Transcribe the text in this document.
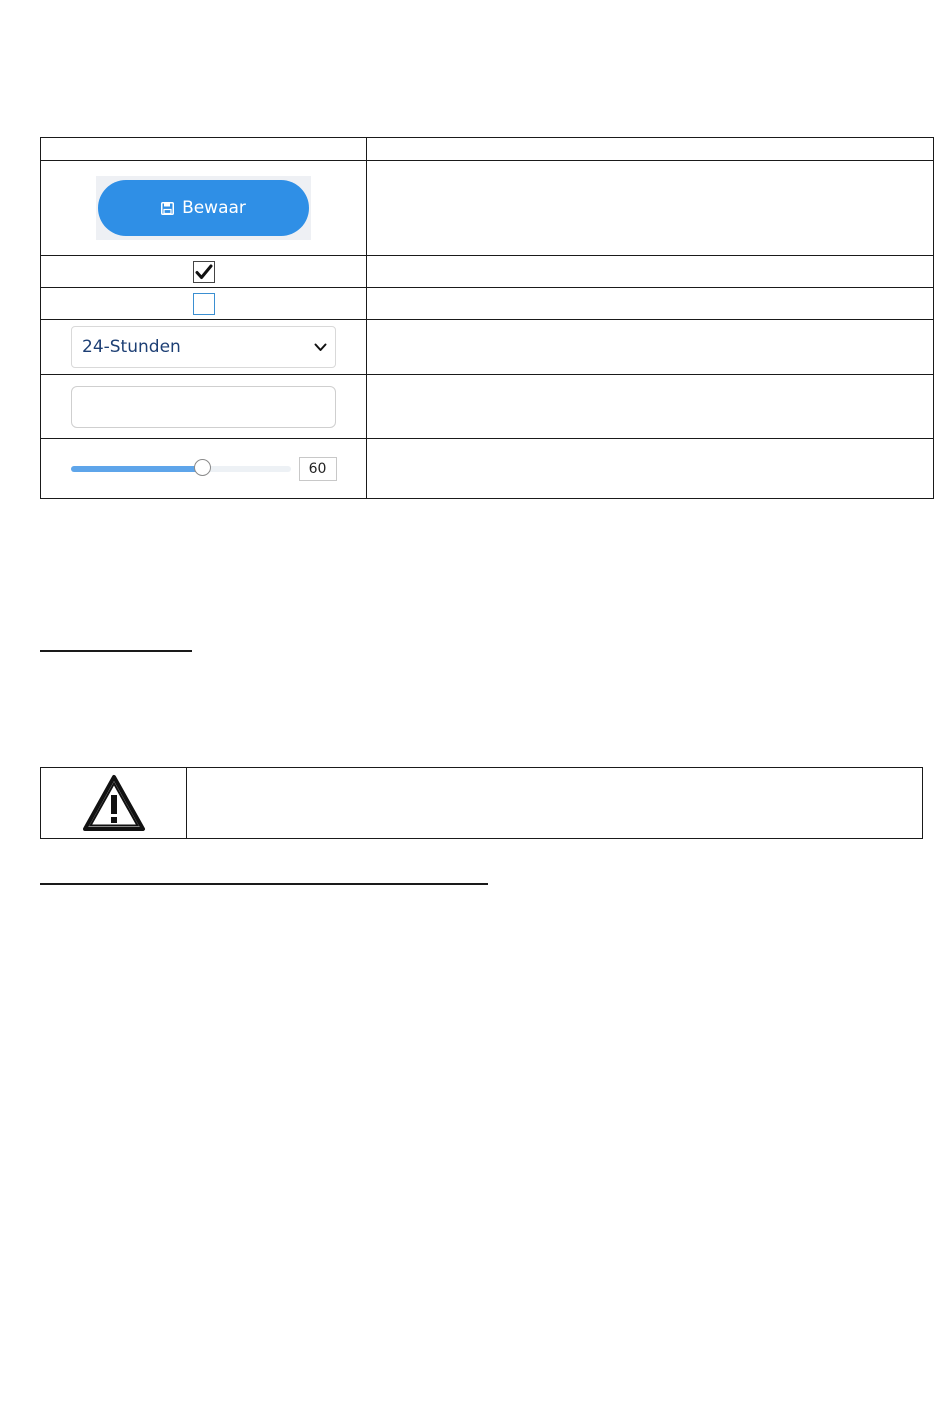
Bewaar	

24-Stunden	

60	
